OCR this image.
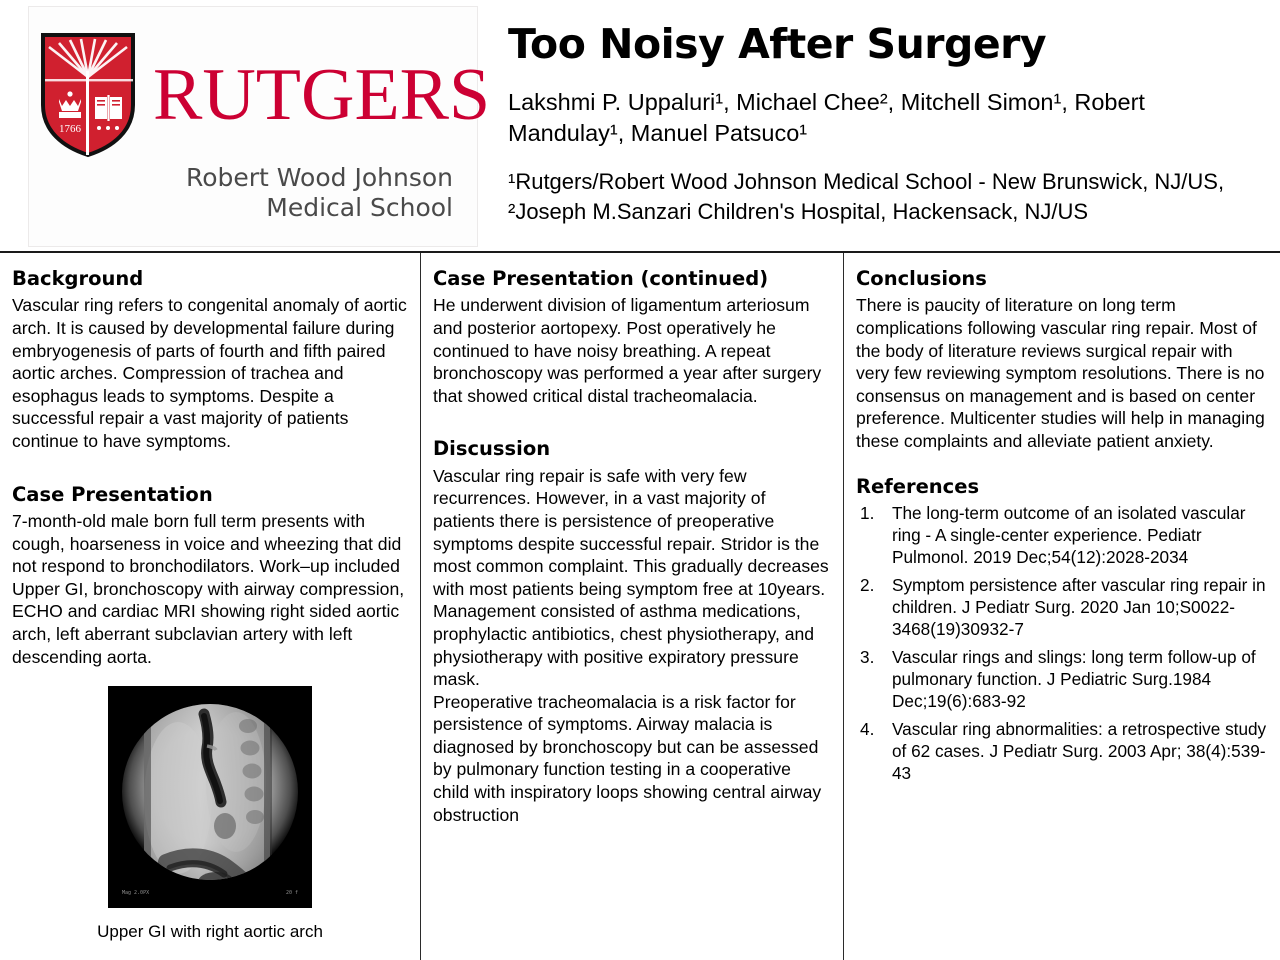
1766 RUTGERS
Robert Wood Johnson
Medical School
Too Noisy After Surgery

Lakshmi P. Uppaluri¹, Michael Chee², Mitchell Simon¹, Robert Mandulay¹, Manuel Patsuco¹

¹Rutgers/Robert Wood Johnson Medical School - New Brunswick, NJ/US, ²Joseph M.Sanzari Children's Hospital, Hackensack, NJ/US

Background

Vascular ring refers to congenital anomaly of aortic arch. It is caused by developmental failure during embryogenesis of parts of fourth and fifth paired aortic arches. Compression of trachea and esophagus leads to symptoms. Despite a successful repair a vast majority of patients continue to have symptoms.

Case Presentation

7-month-old male born full term presents with cough, hoarseness in voice and wheezing that did not respond to bronchodilators. Work–up included Upper GI, bronchoscopy with airway compression, ECHO and cardiac MRI showing right sided aortic arch, left aberrant subclavian artery with left descending aorta.

Mag 2.0PX	20 f
Upper GI with right aortic arch
Case Presentation (continued)

He underwent division of ligamentum arteriosum and posterior aortopexy. Post operatively he continued to have noisy breathing. A repeat bronchoscopy was performed a year after surgery that showed critical distal tracheomalacia.

Discussion

Vascular ring repair is safe with very few recurrences. However, in a vast majority of patients there is persistence of preoperative symptoms despite successful repair. Stridor is the most common complaint. This gradually decreases with most patients being symptom free at 10years. Management consisted of asthma medications, prophylactic antibiotics, chest physiotherapy, and physiotherapy with positive expiratory pressure mask.

Preoperative tracheomalacia is a risk factor for persistence of symptoms. Airway malacia is diagnosed by bronchoscopy but can be assessed by pulmonary function testing in a cooperative child with inspiratory loops showing central airway obstruction

Conclusions

There is paucity of literature on long term complications following vascular ring repair. Most of the body of literature reviews surgical repair with very few reviewing symptom resolutions. There is no consensus on management and is based on center preference. Multicenter studies will help in managing these complaints and alleviate patient anxiety.

References
The long-term outcome of an isolated vascular ring - A single-center experience. Pediatr Pulmonol. 2019 Dec;54(12):2028-2034
Symptom persistence after vascular ring repair in children. J Pediatr Surg. 2020 Jan 10;S0022-3468(19)30932-7
Vascular rings and slings: long term follow-up of pulmonary function. J Pediatric Surg.1984 Dec;19(6):683-92
Vascular ring abnormalities: a retrospective study of 62 cases. J Pediatr Surg. 2003 Apr; 38(4):539-43
